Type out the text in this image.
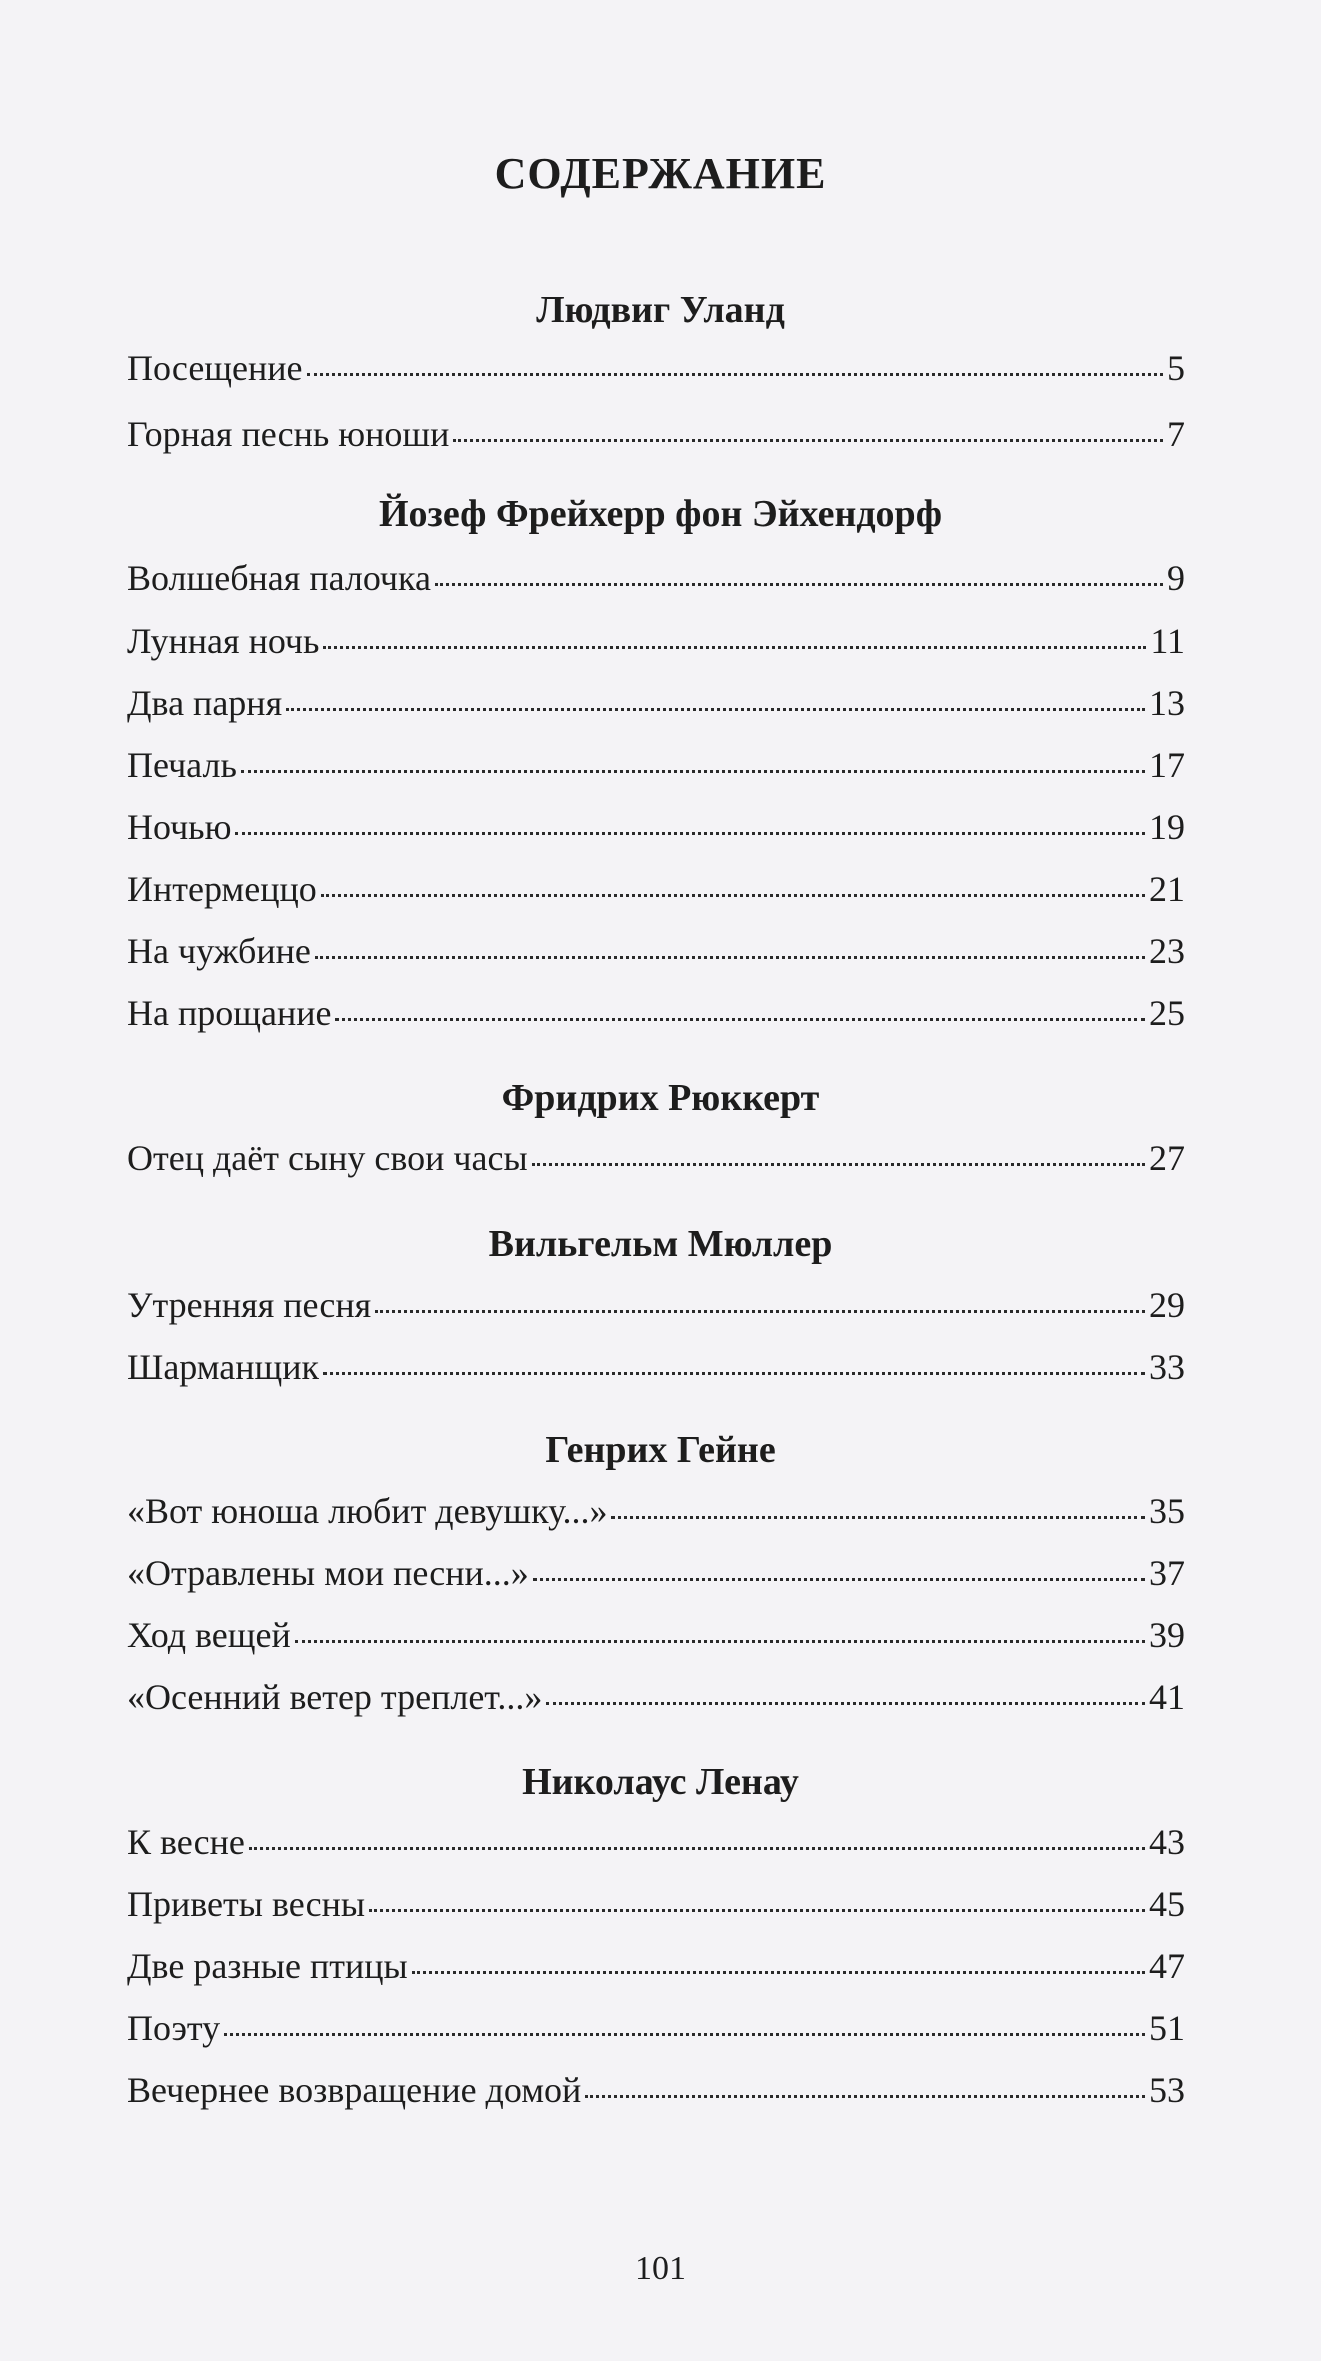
СОДЕРЖАНИЕ
Людвиг Уланд
Посещение	5
Горная песнь юноши	7
Йозеф Фрейхерр фон Эйхендорф
Волшебная палочка	9
Лунная ночь	11
Два парня	13
Печаль	17
Ночью	19
Интермеццо	21
На чужбине	23
На прощание	25
Фридрих Рюккерт
Отец даёт сыну свои часы	27
Вильгельм Мюллер
Утренняя песня	29
Шарманщик	33
Генрих Гейне
«Вот юноша любит девушку...»	35
«Отравлены мои песни...»	37
Ход вещей	39
«Осенний ветер треплет...»	41
Николаус Ленау
К весне	43
Приветы весны	45
Две разные птицы	47
Поэту	51
Вечернее возвращение домой	53
101
